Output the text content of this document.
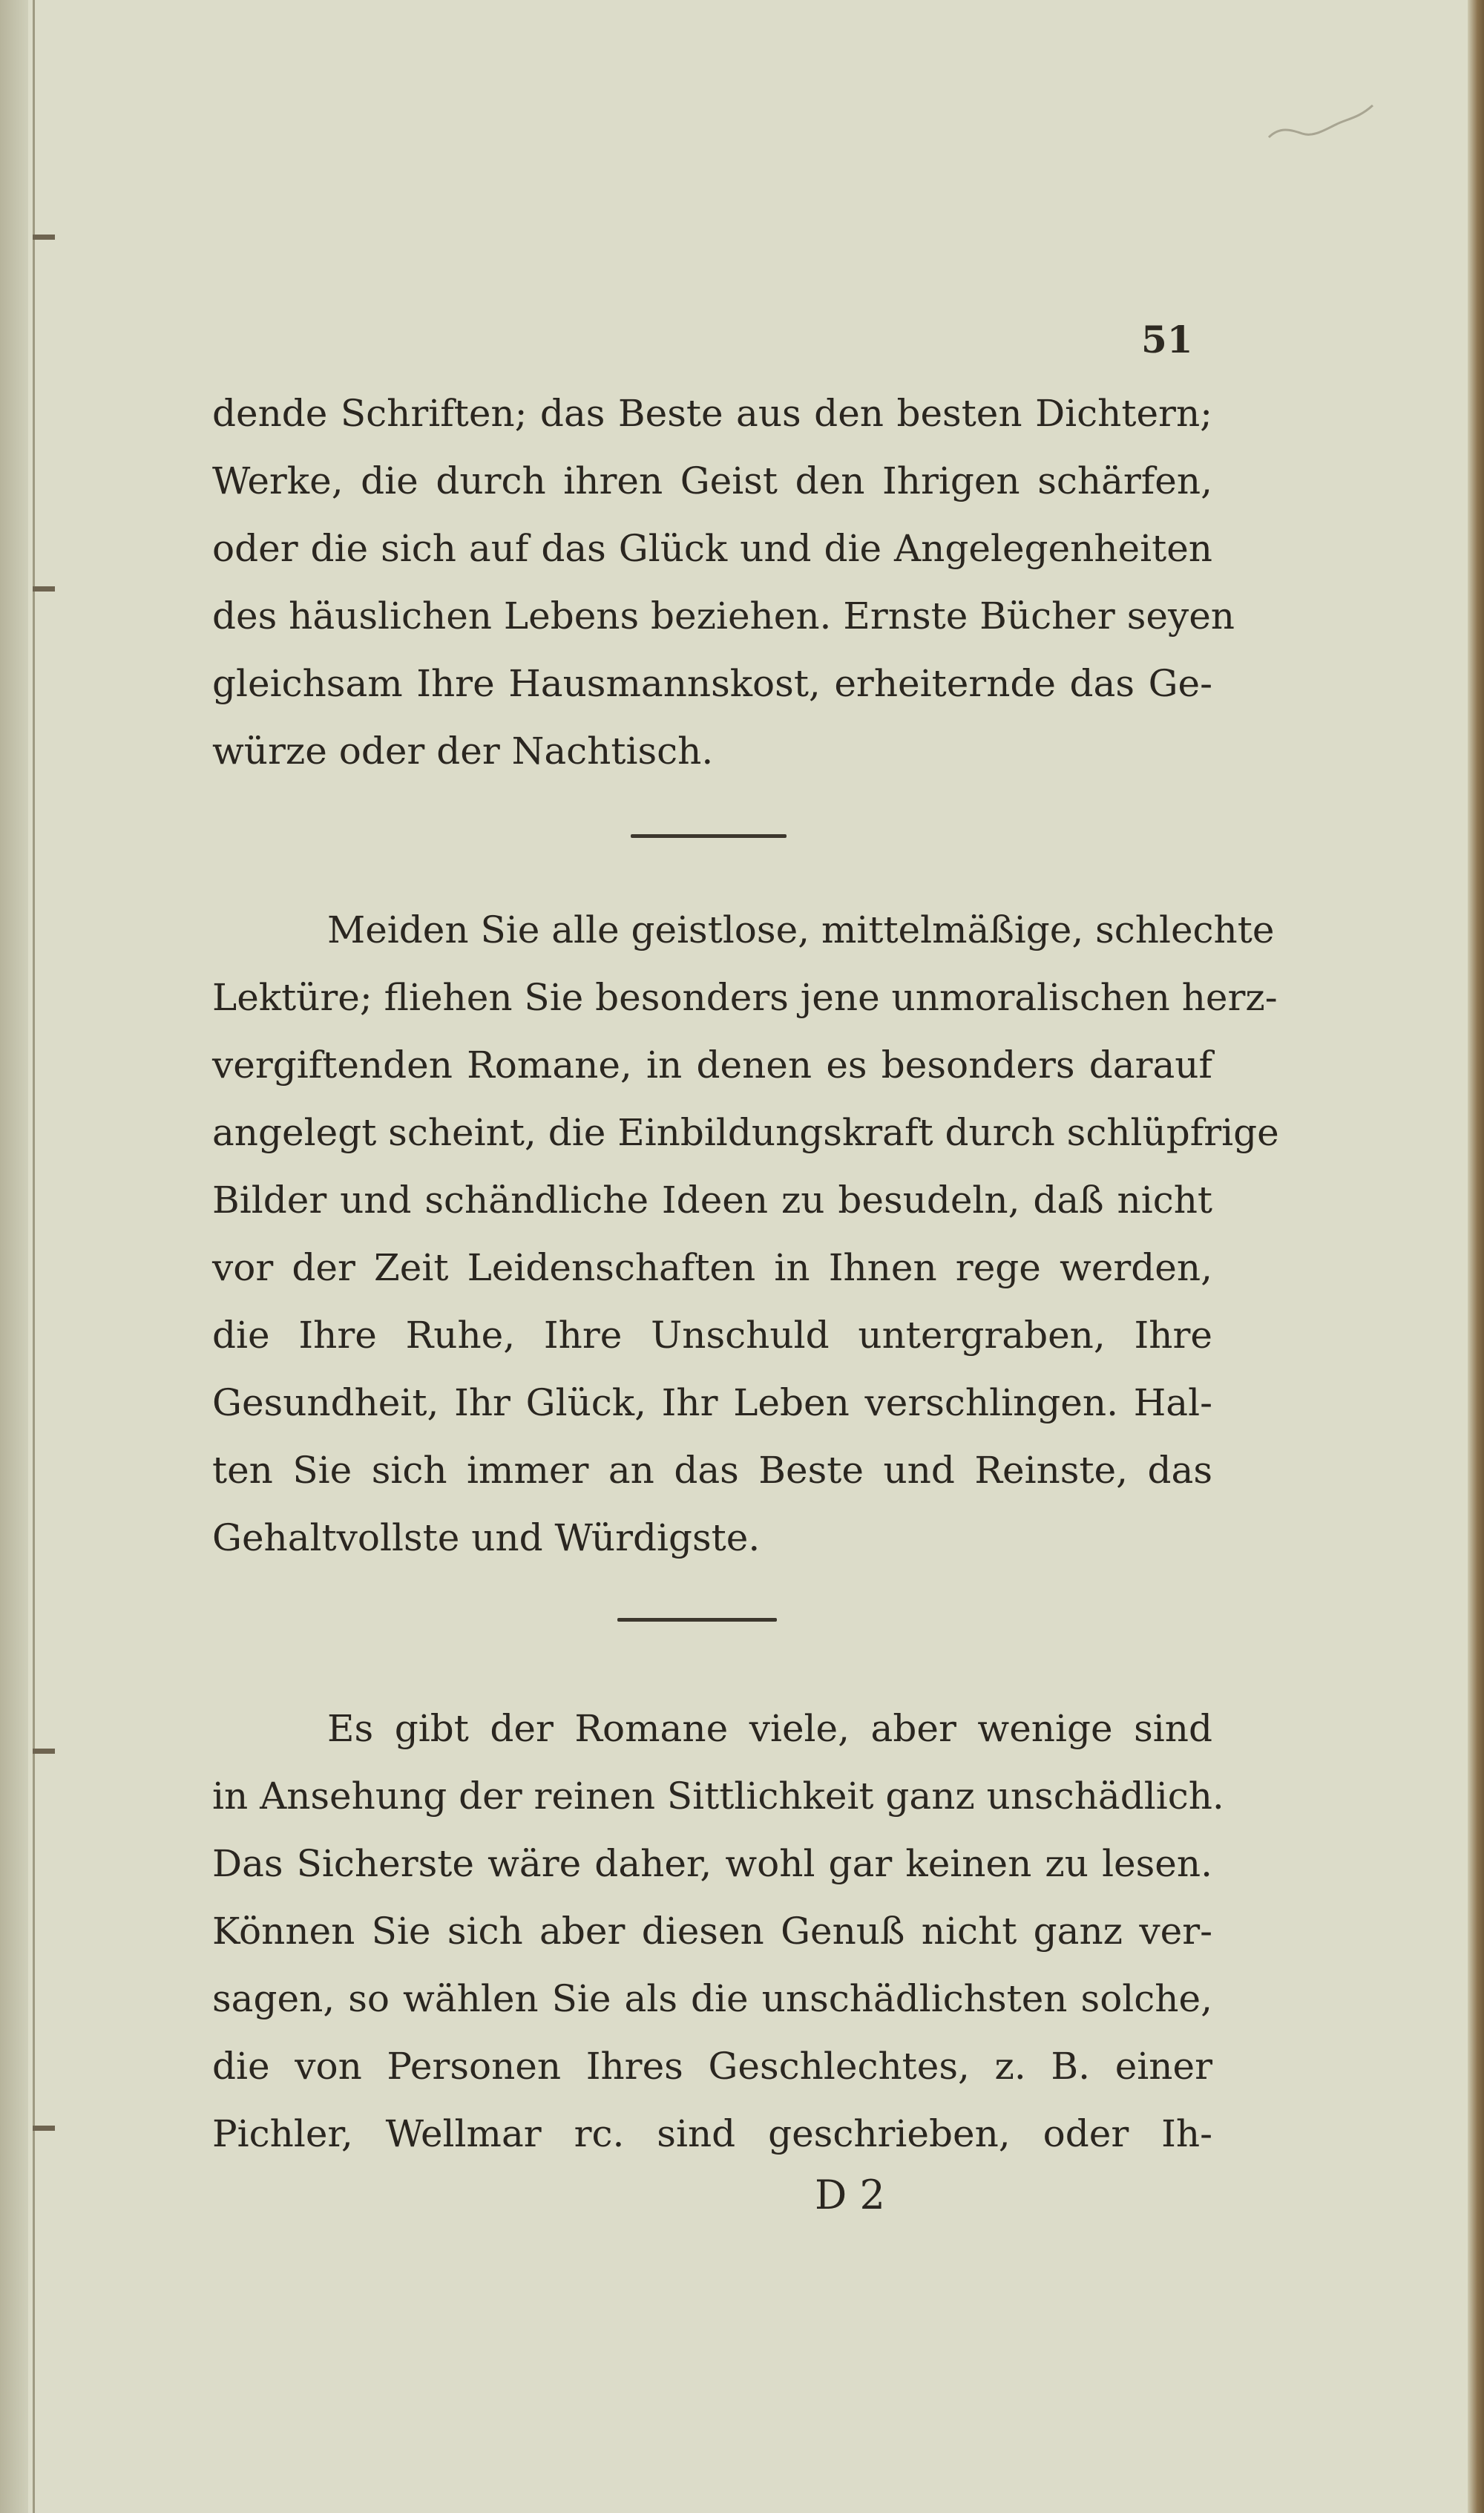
51
dende Schriften; das Beste aus den besten Dichtern;
Werke, die durch ihren Geist den Ihrigen schärfen,
oder die sich auf das Glück und die Angelegenheiten
des häuslichen Lebens beziehen. Ernste Bücher seyen
gleichsam Ihre Hausmannskost, erheiternde das Ge-
würze oder der Nachtisch.
Meiden Sie alle geistlose, mittelmäßige, schlechte
Lektüre; fliehen Sie besonders jene unmoralischen herz-
vergiftenden Romane, in denen es besonders darauf
angelegt scheint, die Einbildungskraft durch schlüpfrige
Bilder und schändliche Ideen zu besudeln, daß nicht
vor der Zeit Leidenschaften in Ihnen rege werden,
die Ihre Ruhe, Ihre Unschuld untergraben, Ihre
Gesundheit, Ihr Glück, Ihr Leben verschlingen. Hal-
ten Sie sich immer an das Beste und Reinste, das
Gehaltvollste und Würdigste.
Es gibt der Romane viele, aber wenige sind
in Ansehung der reinen Sittlichkeit ganz unschädlich.
Das Sicherste wäre daher, wohl gar keinen zu lesen.
Können Sie sich aber diesen Genuß nicht ganz ver-
sagen, so wählen Sie als die unschädlichsten solche,
die von Personen Ihres Geschlechtes, z. B. einer
Pichler, Wellmar rc. sind geschrieben, oder Ih-
D 2
